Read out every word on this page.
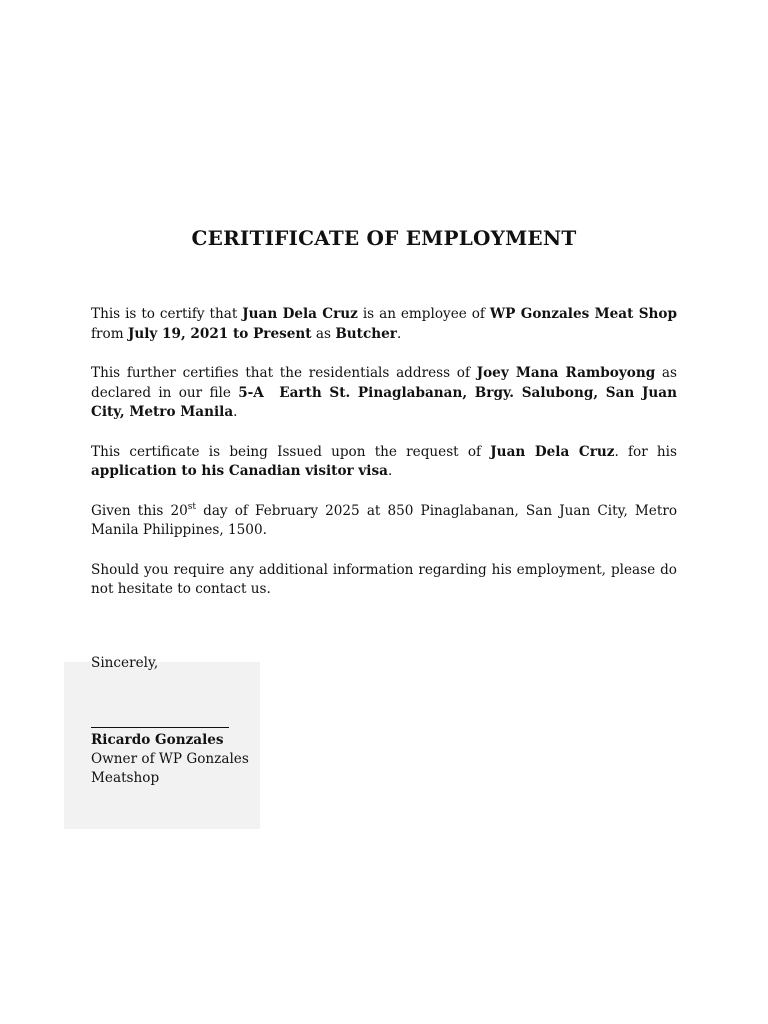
CERITIFICATE OF EMPLOYMENT

This is to certify that Juan Dela Cruz is an employee of WP Gonzales Meat Shop from July 19, 2021 to Present as Butcher.

This further certifies that the residentials address of Joey Mana Ramboyong as declared in our file 5-A  Earth St. Pinaglabanan, Brgy. Salubong, San Juan City, Metro Manila.

This certificate is being Issued upon the request of Juan Dela Cruz. for his application to his Canadian visitor visa.

Given this 20st day of February 2025 at 850 Pinaglabanan, San Juan City, Metro Manila Philippines, 1500.

Should you require any additional information regarding his employment, please do not hesitate to contact us.

Sincerely,
Ricardo Gonzales
Owner of WP Gonzales
Meatshop
